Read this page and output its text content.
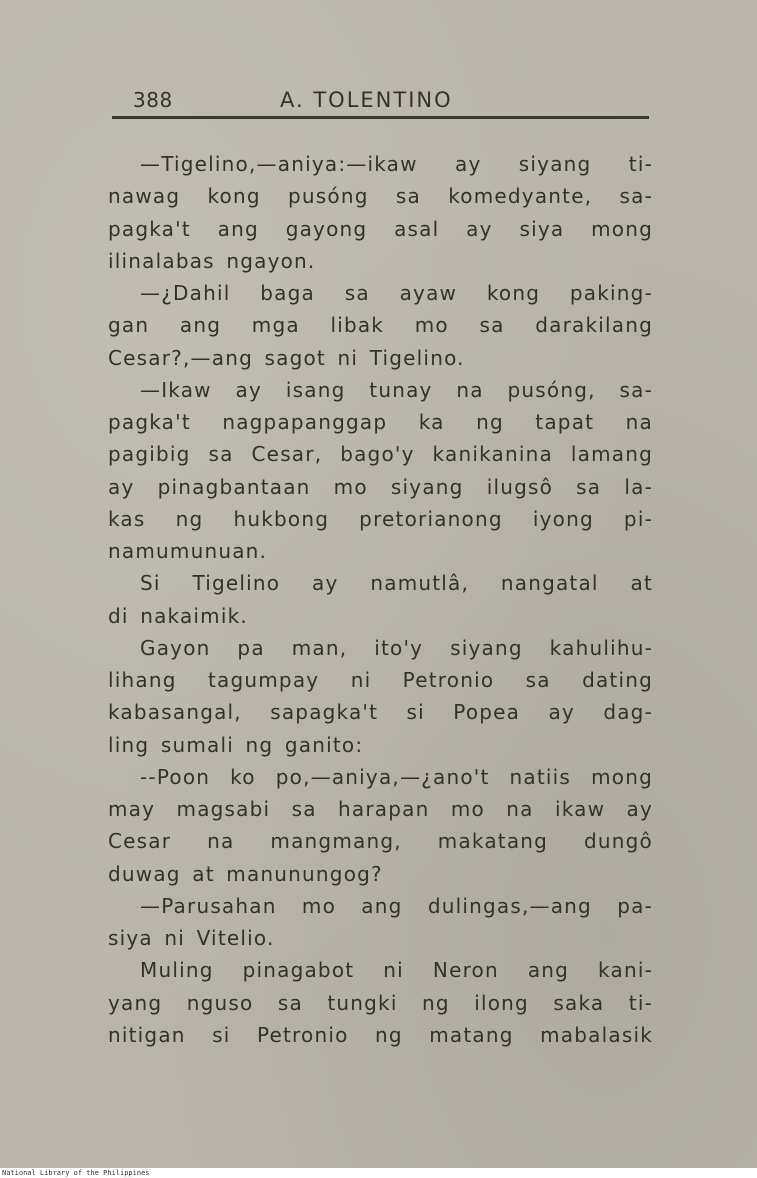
388	A. TOLENTINO
—Tigelino,—aniya:—ikaw ay siyang ti-
nawag kong pusóng sa komedyante, sa-
pagka't ang gayong asal ay siya mong
ilinalabas ngayon.
—¿Dahil baga sa ayaw kong paking-
gan ang mga libak mo sa darakilang
Cesar?,—ang sagot ni Tigelino.
—Ikaw ay isang tunay na pusóng, sa-
pagka't nagpapanggap ka ng tapat na
pagibig sa Cesar, bago'y kanikanina lamang
ay pinagbantaan mo siyang ilugsô sa la-
kas ng hukbong pretorianong iyong pi-
namumunuan.
Si Tigelino ay namutlâ, nangatal at
di nakaimik.
Gayon pa man, ito'y siyang kahulihu-
lihang tagumpay ni Petronio sa dating
kabasangal, sapagka't si Popea ay dag-
ling sumali ng ganito:
--Poon ko po,—aniya,—¿ano't natiis mong
may magsabi sa harapan mo na ikaw ay
Cesar na mangmang, makatang dungô
duwag at manunungog?
—Parusahan mo ang dulingas,—ang pa-
siya ni Vitelio.
Muling pinagabot ni Neron ang kani-
yang nguso sa tungki ng ilong saka ti-
nitigan si Petronio ng matang mabalasik
National Library of the Philippines
